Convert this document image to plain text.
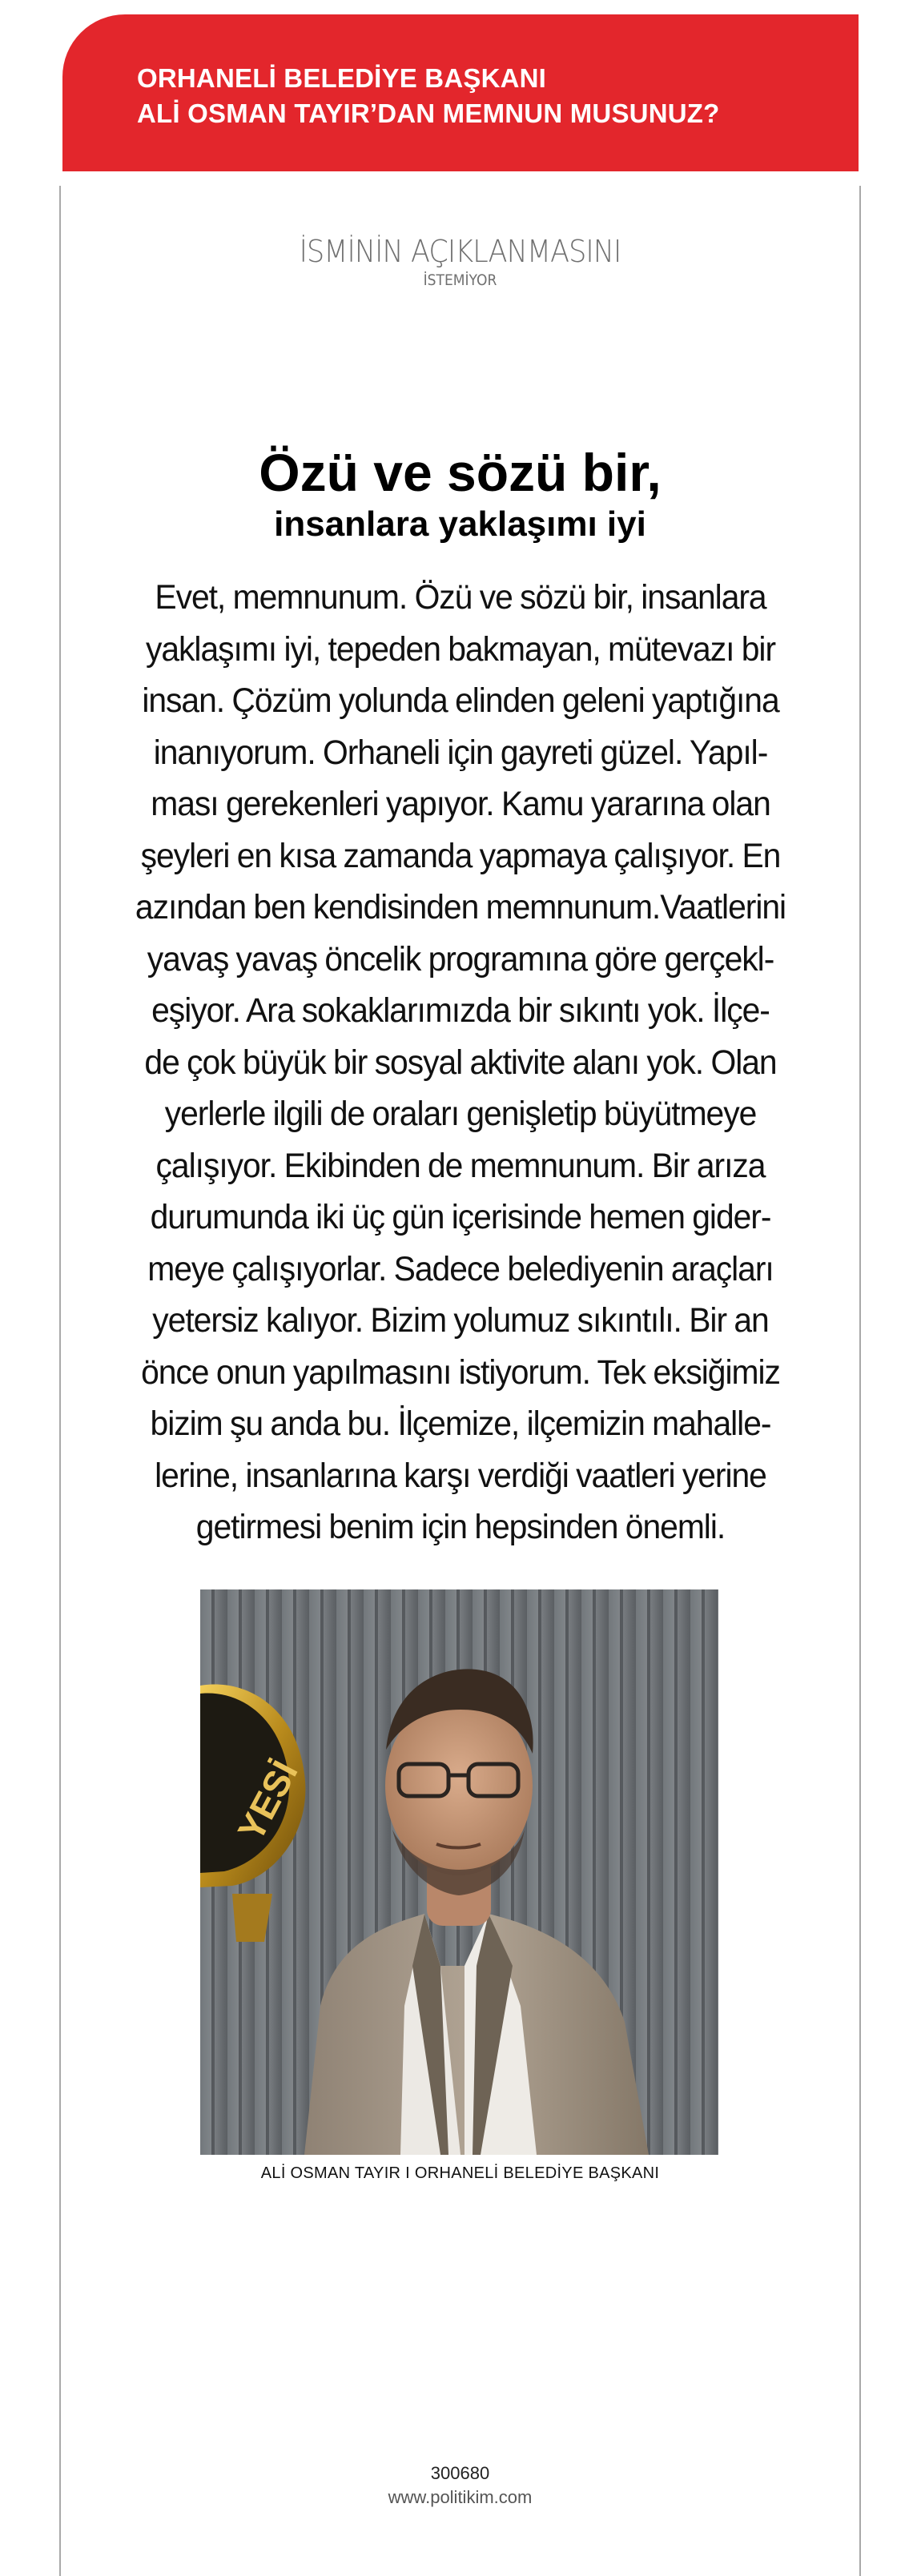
ORHANELİ BELEDİYE BAŞKANI
ALİ OSMAN TAYIR’DAN MEMNUN MUSUNUZ?
İSMİNİN AÇIKLANMASINI
İSTEMİYOR
Özü ve sözü bir,
insanlara yaklaşımı iyi
Evet, memnunum. Özü ve sözü bir, insanlara
yaklaşımı iyi, tepeden bakmayan, mütevazı bir
insan. Çözüm yolunda elinden geleni yaptığına
inanıyorum. Orhaneli için gayreti güzel. Yapıl-
ması gerekenleri yapıyor. Kamu yararına olan
şeyleri en kısa zamanda yapmaya çalışıyor. En
azından ben kendisinden memnunum.Vaatlerini
yavaş yavaş öncelik programına göre gerçekl-
eşiyor. Ara sokaklarımızda bir sıkıntı yok. İlçe-
de çok büyük bir sosyal aktivite alanı yok. Olan
yerlerle ilgili de oraları genişletip büyütmeye
çalışıyor. Ekibinden de memnunum. Bir arıza
durumunda iki üç gün içerisinde hemen gider-
meye çalışıyorlar. Sadece belediyenin araçları
yetersiz kalıyor. Bizim yolumuz sıkıntılı. Bir an
önce onun yapılmasını istiyorum. Tek eksiğimiz
bizim şu anda bu. İlçemize, ilçemizin mahalle-
lerine, insanlarına karşı verdiği vaatleri yerine
getirmesi benim için hepsinden önemli.
YESİ
ALİ OSMAN TAYIR I ORHANELİ BELEDİYE BAŞKANI
300680
www.politikim.com
